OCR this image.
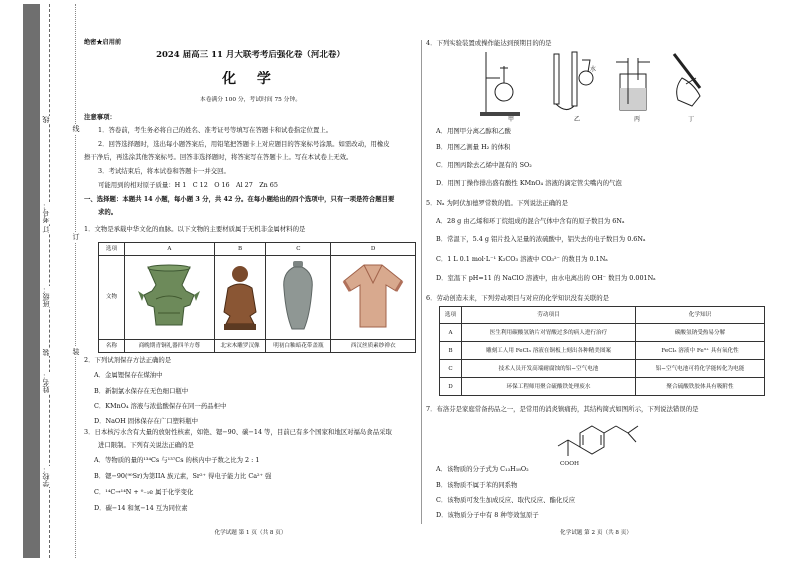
线
考号：
订
班级：
装
姓名：
学校：
线
订
装
绝密★启用前
2024 届高三 11 月大联考考后强化卷（河北卷）
化 学
本卷满分 100 分，考试时间 75 分钟。
注意事项：
1．答卷前，考生务必将自己的姓名、准考证号等填写在答题卡和试卷指定位置上。
2．回答选择题时，选出每小题答案后，用铅笔把答题卡上对应题目的答案标号涂黑。如需改动，用橡皮
擦干净后，再选涂其他答案标号。回答非选择题时，将答案写在答题卡上。写在本试卷上无效。
3．考试结束后，将本试卷和答题卡一并交回。
可能用到的相对原子质量：H 1　C 12　O 16　Al 27　Zn 65
一、选择题：本题共 14 小题，每小题 3 分，共 42 分。在每小题给出的四个选项中，只有一项是符合题目要
求的。
1．文物是承载中华文化的血脉。以下文物的主要材质属于无机非金属材料的是
选项	A	B	C	D
文物				
名称	商晚期青铜礼器四羊方尊	北宋木雕罗汉像	明初白釉暗花带盖瓶	西汉丝质素纱禅衣
2．下列试剂保存方法正确的是
A．金属锂保存在煤油中
B．新制氯水保存在无色细口瓶中
C．KMnO₄ 溶液与浓盐酸保存在同一药品柜中
D．NaOH 固体保存在广口塑料瓶中
3．日本核污水含有大量的放射性核素，如铯、锶−90、碳−14 等，目前已有多个国家和地区对福岛食品采取
进口限制。下列有关说法正确的是
A．等物质的量的¹³⁴Cs 与¹³⁷Cs 的核内中子数之比为 2 : 1
B．锶−90(⁹⁰Sr)为第IIA 族元素，Sr²⁺ 得电子能力比 Ca²⁺ 强
C．¹⁴C→¹⁴N + ⁰₋₁e 属于化学变化
D．碳−14 和氮−14 互为同位素
化学试题 第 1 页（共 8 页）
4．下列实验装置或操作能达到预期目的的是
甲	乙
水
丙	丁
A．用图甲分离乙醇和乙酸
B．用图乙測量 H₂ 的体积
C．用图丙除去乙烯中混有的 SO₂
D．用图丁操作排出盛有酸性 KMnO₄ 溶液的滴定管尖嘴内的气泡
5．Nₐ 为阿伏加德罗常数的值。下列说法正确的是
A．28 g 由乙烯和环丁烷组成的混合气体中含有的原子数目为 6Nₐ
B．常温下，5.4 g 铝片投入足量的浓硫酸中，铝失去的电子数目为 0.6Nₐ
C．1 L 0.1 mol·L⁻¹ K₂CO₃ 溶液中 CO₃²⁻ 的数目为 0.1Nₐ
D．室温下 pH=11 的 NaClO 溶液中，由水电离出的 OH⁻ 数目为 0.001Nₐ
6．劳动创造未来，下列劳动项目与对应的化学知识没有关联的是
选项	劳动项目	化学知识
A	医生利用碳酸氢钠片对胃酸过多的病人进行治疗	碳酸氢钠受热易分解
B	雕刻工人用 FeCl₃ 溶液在铜板上刻出各种精美图案	FeCl₃ 溶液中 Fe³⁺ 具有氧化性
C	技术人员开发高端耐腐蚀的铝−空气电池	铝−空气电池可将化学能转化为电能
D	环保工程师用聚合硫酸铁处理废水	聚合硫酸铁胶体具有吸附性
7．布洛芬是家庭常备药品之一，是常用的消炎镇痛药，其结构简式如图所示，下列说法错误的是
COOH
A．该物质的分子式为 C₁₃H₁₈O₂
B．该物质不属于苯的同系物
C．该物质可发生加成反应、取代反应、酯化反应
D．该物质分子中有 8 种等效氢原子
化学试题 第 2 页（共 8 页）
